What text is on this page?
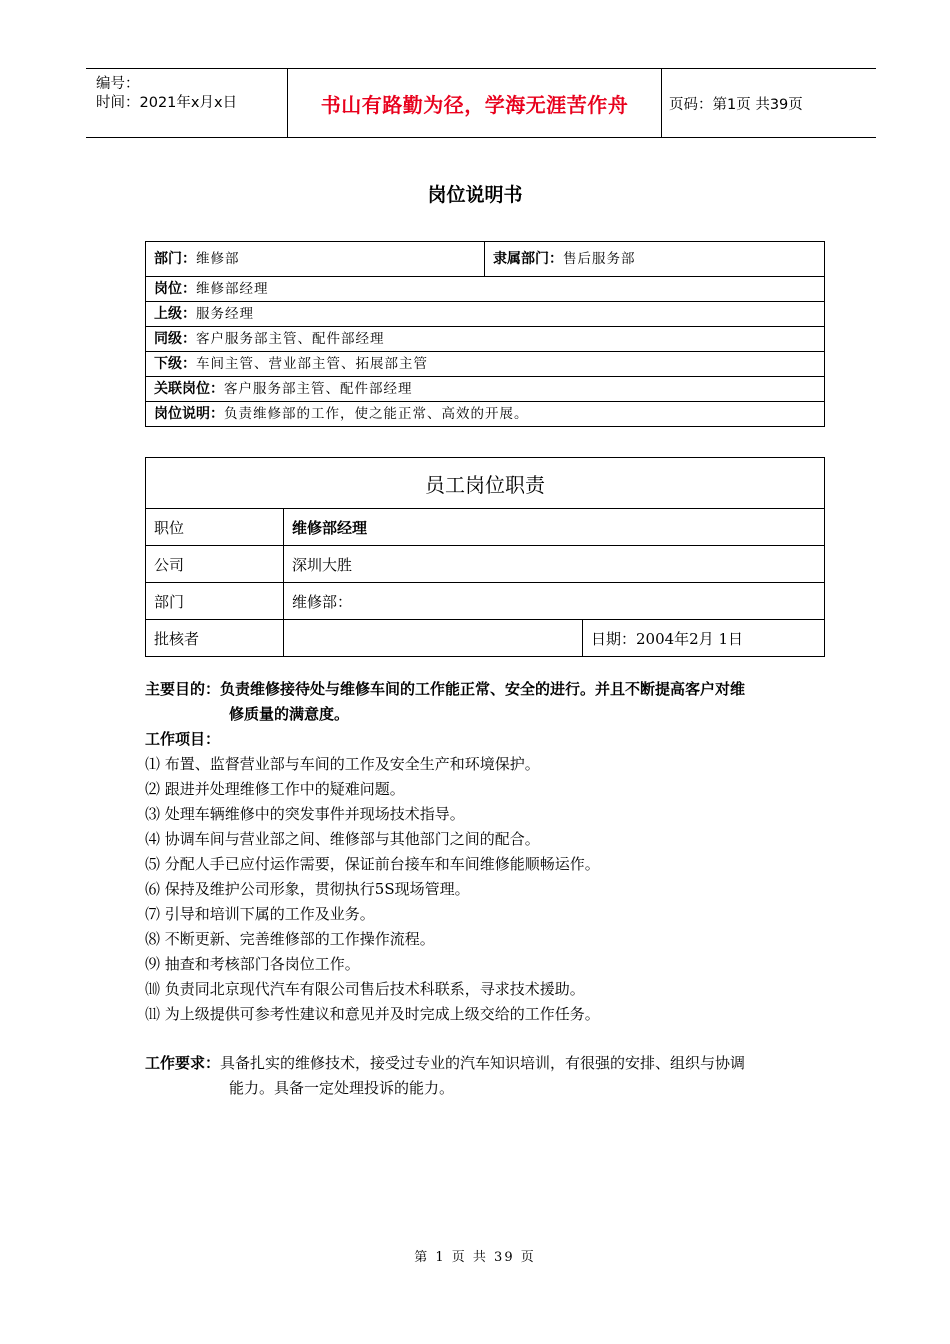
编号：
时间：2021年x月x日	书山有路勤为径，学海无涯苦作舟	页码：第1页 共39页
岗位说明书
部门：维修部	隶属部门：售后服务部
岗位：维修部经理
上级：服务经理
同级：客户服务部主管、配件部经理
下级：车间主管、营业部主管、拓展部主管
关联岗位：客户服务部主管、配件部经理
岗位说明：负责维修部的工作，使之能正常、高效的开展。
员工岗位职责		
职位	维修部经理	
公司	深圳大胜	
部门	维修部：	
批核者		日期：2004年2月 1日
主要目的：负责维修接待处与维修车间的工作能正常、安全的进行。并且不断提高客户对维
修质量的满意度。
工作项目：
⑴ 布置、监督营业部与车间的工作及安全生产和环境保护。
⑵ 跟进并处理维修工作中的疑难问题。
⑶ 处理车辆维修中的突发事件并现场技术指导。
⑷ 协调车间与营业部之间、维修部与其他部门之间的配合。
⑸ 分配人手已应付运作需要，保证前台接车和车间维修能顺畅运作。
⑹ 保持及维护公司形象，贯彻执行5S现场管理。
⑺ 引导和培训下属的工作及业务。
⑻ 不断更新、完善维修部的工作操作流程。
⑼ 抽查和考核部门各岗位工作。
⑽ 负责同北京现代汽车有限公司售后技术科联系，寻求技术援助。
⑾ 为上级提供可参考性建议和意见并及时完成上级交给的工作任务。
工作要求：具备扎实的维修技术，接受过专业的汽车知识培训，有很强的安排、组织与协调
能力。具备一定处理投诉的能力。
第 1 页 共 39 页
